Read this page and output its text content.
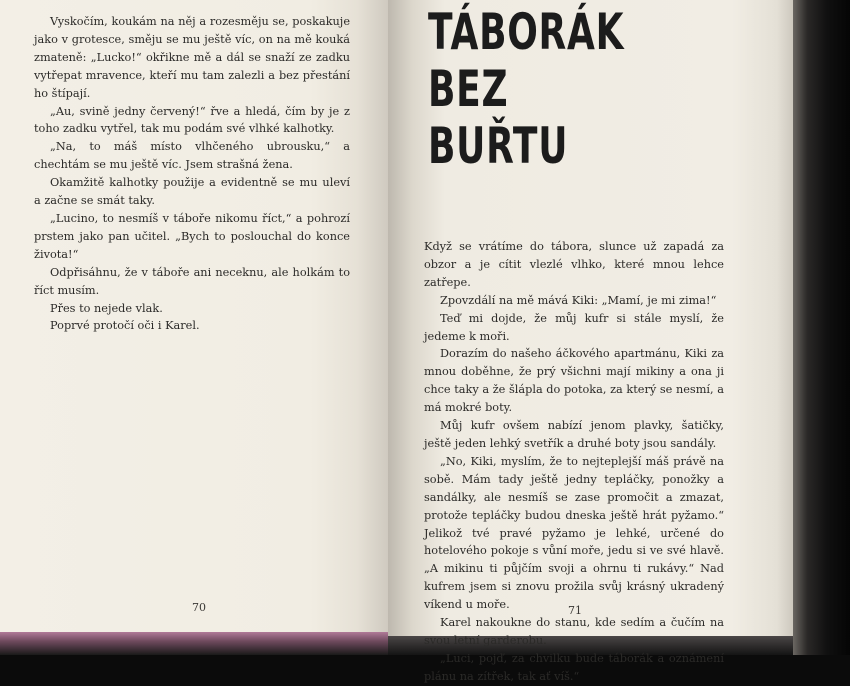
Vyskočím, koukám na něj a rozesměju se, poskakuje jako v grotesce, směju se mu ještě víc, on na mě kouká zmateně: „Lucko!“ okřikne mě a dál se snaží ze zadku vytřepat mravence, kteří mu tam zalezli a bez přestání ho štípají.

„Au, svině jedny červený!“ řve a hledá, čím by je z toho zadku vytřel, tak mu podám své vlhké kalhotky.

„Na, to máš místo vlhčeného ubrousku,“ a chechtám se mu ještě víc. Jsem strašná žena.

Okamžitě kalhotky použije a evidentně se mu uleví a začne se smát taky.

„Lucino, to nesmíš v táboře nikomu říct,“ a pohrozí prstem jako pan učitel. „Bych to poslouchal do konce života!“

Odpřisáhnu, že v táboře ani neceknu, ale holkám to říct musím.

Přes to nejede vlak.

Poprvé protočí oči i Karel.

70
TÁBORÁK
BEZ BUŘTU

Když se vrátíme do tábora, slunce už zapadá za obzor a je cítit vlezlé vlhko, které mnou lehce zatřepe.

Zpovzdálí na mě mává Kiki: „Mamí, je mi zima!“

Teď mi dojde, že můj kufr si stále myslí, že jedeme k moři.

Dorazím do našeho áčkového apartmánu, Kiki za mnou doběhne, že prý všichni mají mikiny a ona ji chce taky a že šlápla do potoka, za který se nesmí, a má mokré boty.

Můj kufr ovšem nabízí jenom plavky, šatičky, ještě jeden lehký svetřík a druhé boty jsou sandály.

„No, Kiki, myslím, že to nejteplejší máš právě na sobě. Mám tady ještě jedny tepláčky, ponožky a sandálky, ale nesmíš se zase promočit a zmazat, protože tepláčky budou dneska ještě hrát pyžamo.“ Jelikož tvé pravé pyžamo je lehké, určené do hotelového pokoje s vůní moře, jedu si ve své hlavě. „A mikinu ti půjčím svoji a ohrnu ti rukávy.“ Nad kufrem jsem si znovu prožila svůj krásný ukradený víkend u moře.

Karel nakoukne do stanu, kde sedím a čučím na svou letní garderobu.

„Luci, pojď, za chvilku bude táborák a oznámení plánu na zítřek, tak ať víš.“

71
